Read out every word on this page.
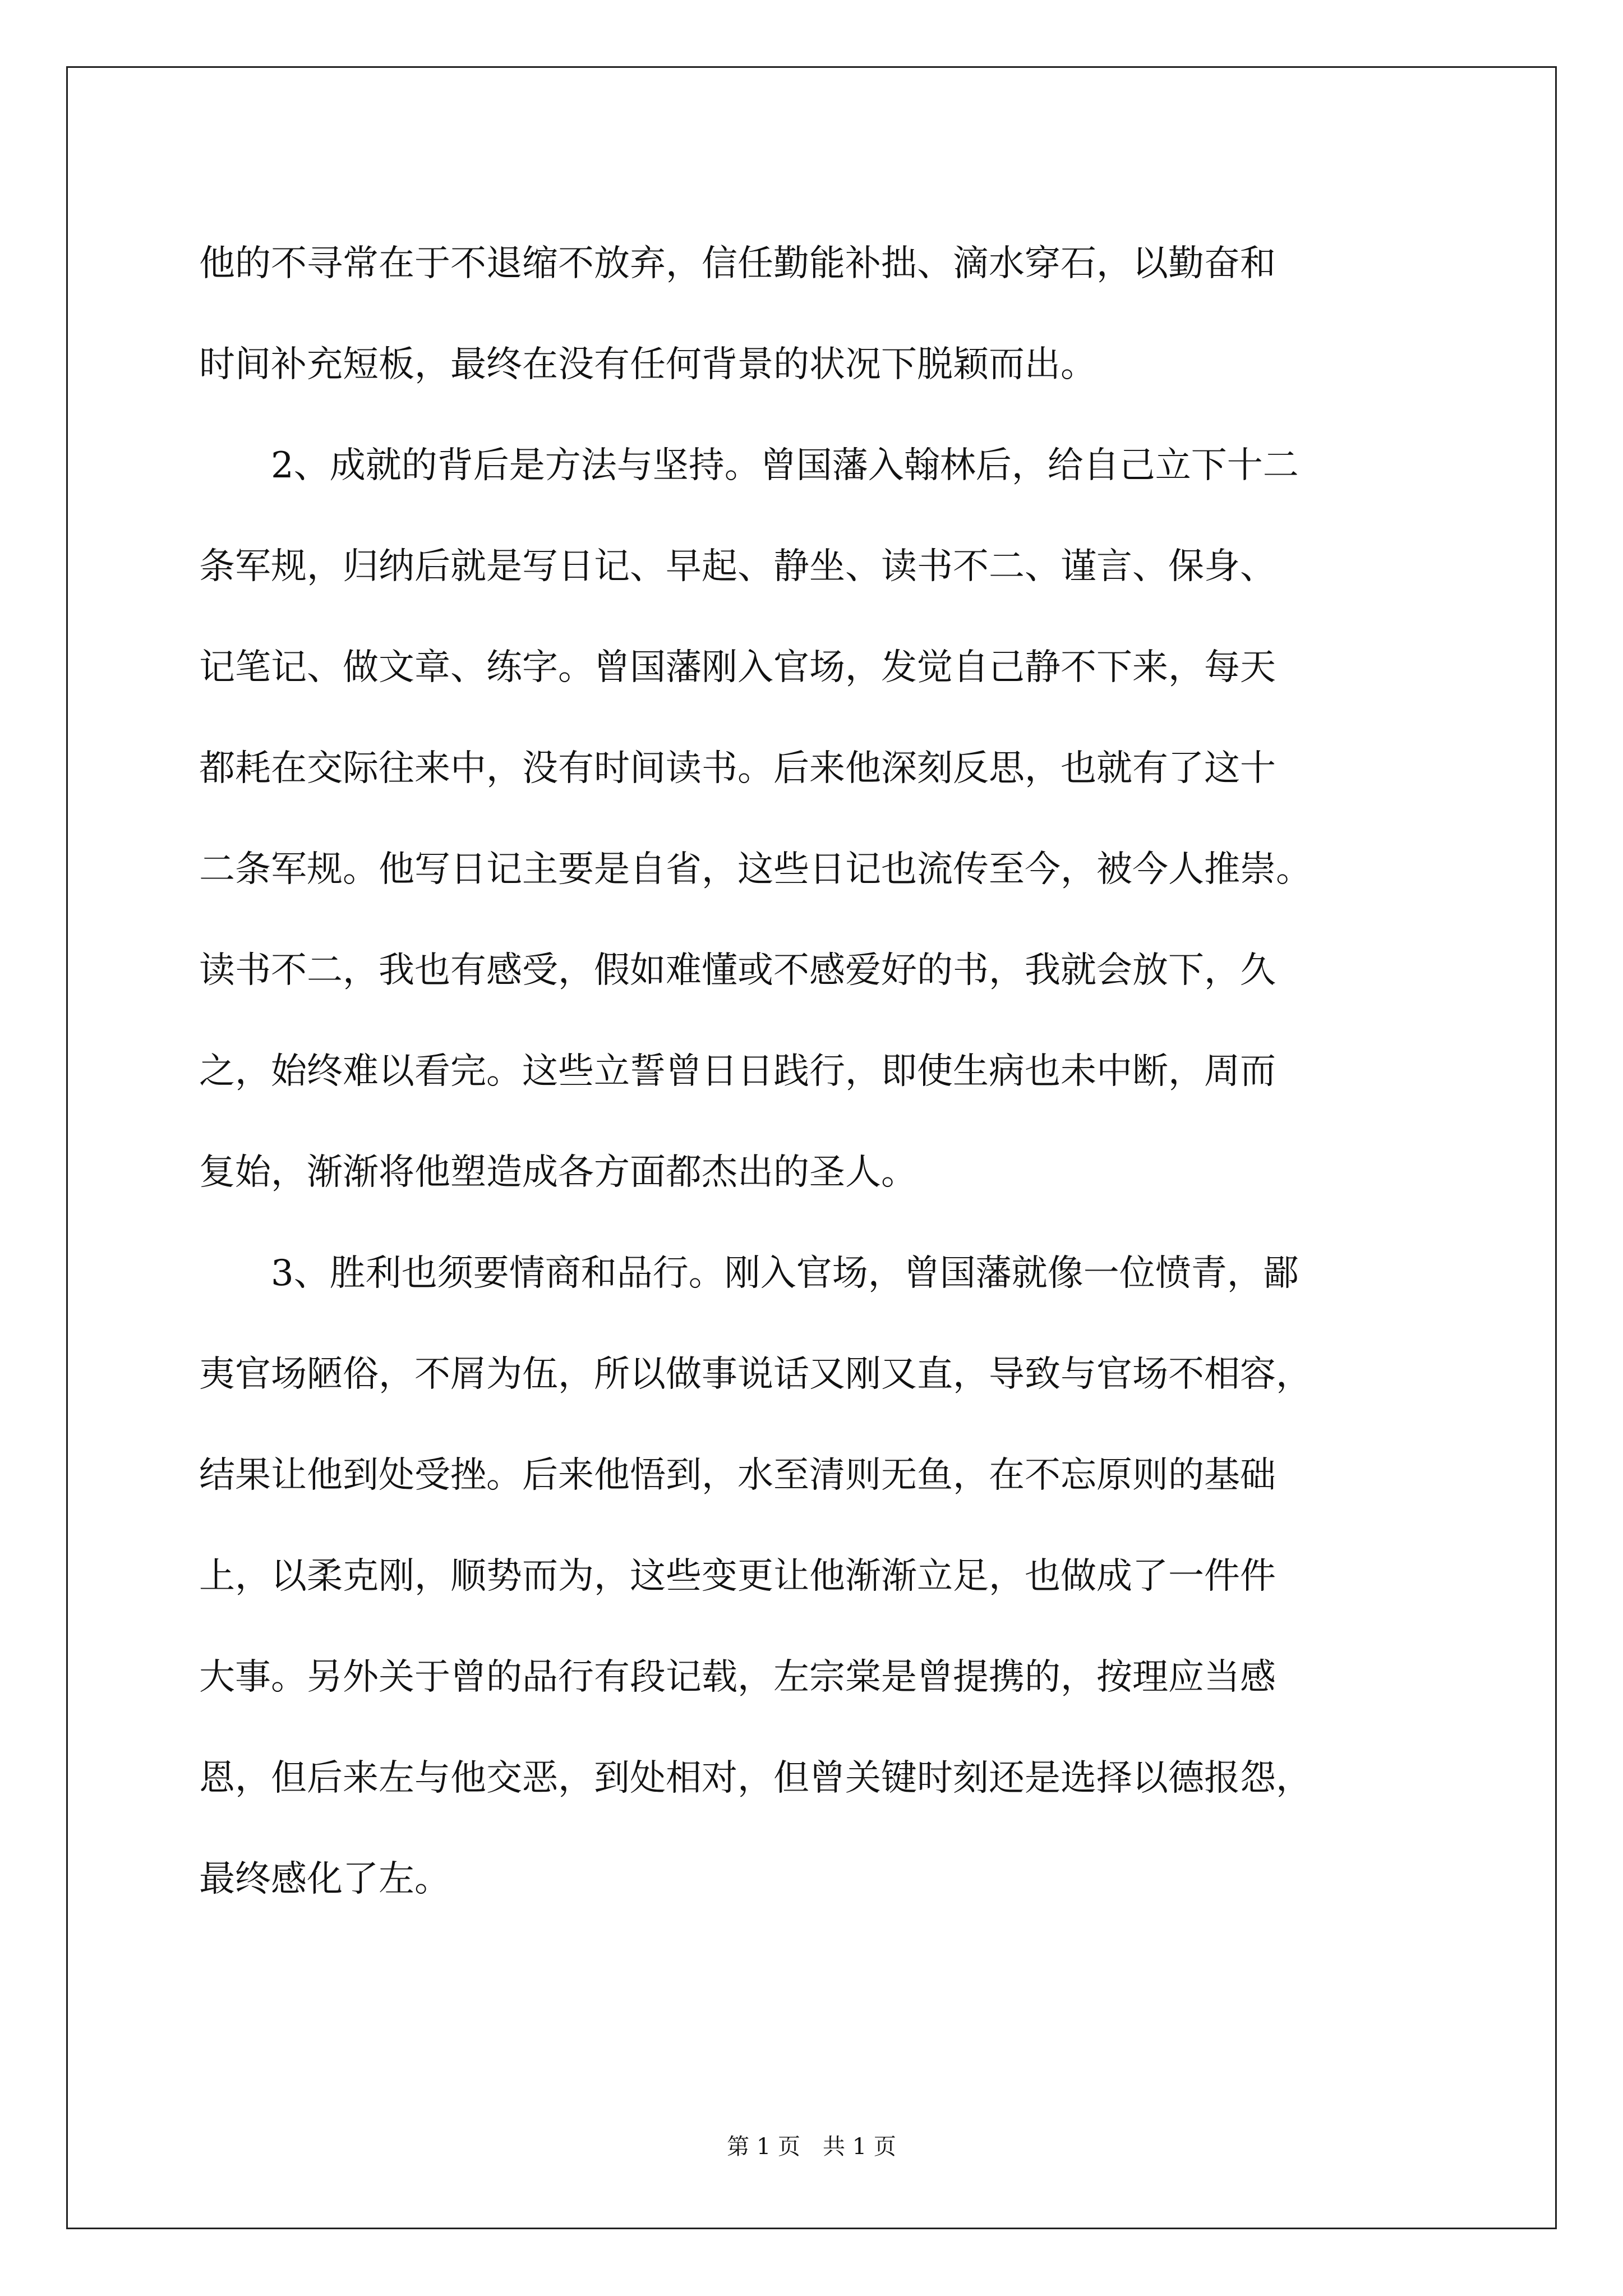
他的不寻常在于不退缩不放弃，信任勤能补拙、滴水穿石，以勤奋和
时间补充短板，最终在没有任何背景的状况下脱颖而出。
　　2、成就的背后是方法与坚持。曾国藩入翰林后，给自己立下十二
条军规，归纳后就是写日记、早起、静坐、读书不二、谨言、保身、
记笔记、做文章、练字。曾国藩刚入官场，发觉自己静不下来，每天
都耗在交际往来中，没有时间读书。后来他深刻反思，也就有了这十
二条军规。他写日记主要是自省，这些日记也流传至今，被今人推崇。
读书不二，我也有感受，假如难懂或不感爱好的书，我就会放下，久
之，始终难以看完。这些立誓曾日日践行，即使生病也未中断，周而
复始，渐渐将他塑造成各方面都杰出的圣人。
　　3、胜利也须要情商和品行。刚入官场，曾国藩就像一位愤青，鄙
夷官场陋俗，不屑为伍，所以做事说话又刚又直，导致与官场不相容，
结果让他到处受挫。后来他悟到，水至清则无鱼，在不忘原则的基础
上，以柔克刚，顺势而为，这些变更让他渐渐立足，也做成了一件件
大事。另外关于曾的品行有段记载，左宗棠是曾提携的，按理应当感
恩，但后来左与他交恶，到处相对，但曾关键时刻还是选择以德报怨，
最终感化了左。
第 1 页　共 1 页
